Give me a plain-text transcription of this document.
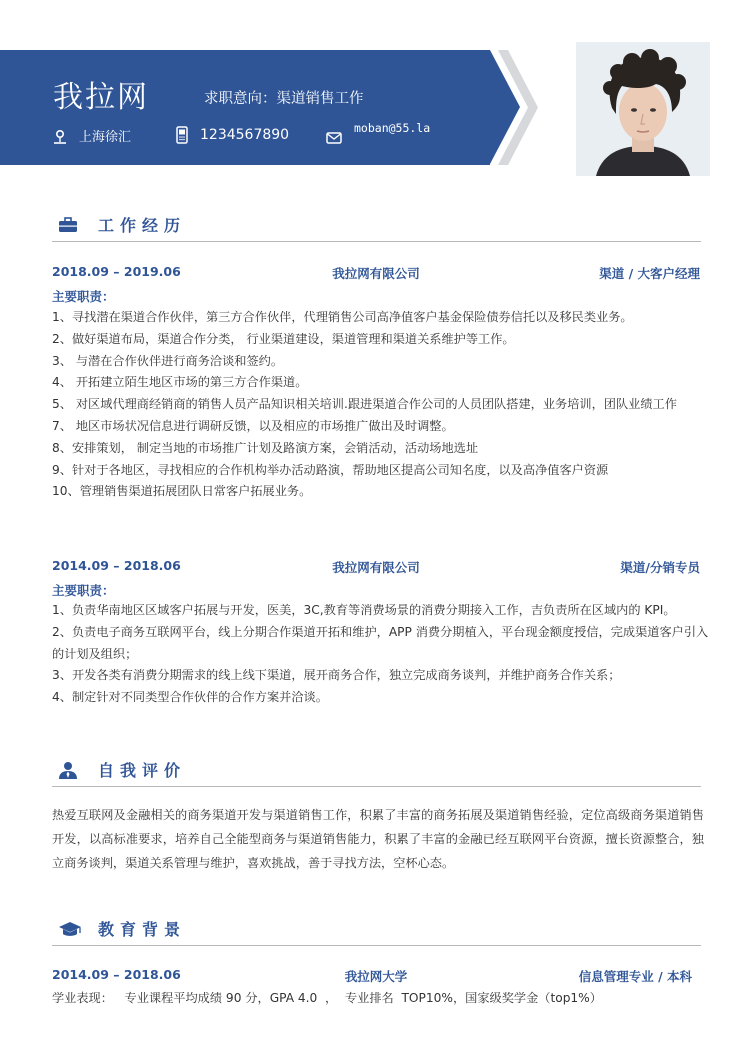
我拉网	求职意向：渠道销售工作
上海徐汇	1234567890	moban@55.la
工作经历
2018.09 – 2019.06	我拉网有限公司	渠道 / 大客户经理
主要职责：
1、寻找潜在渠道合作伙伴，第三方合作伙伴，代理销售公司高净值客户基金保险债券信托以及移民类业务。
2、做好渠道布局，渠道合作分类， 行业渠道建设，渠道管理和渠道关系维护等工作。
3、 与潜在合作伙伴进行商务洽谈和签约。
4、 开拓建立陌生地区市场的第三方合作渠道。
5、 对区域代理商经销商的销售人员产品知识相关培训.跟进渠道合作公司的人员团队搭建，业务培训，团队业绩工作
7、 地区市场状况信息进行调研反馈，以及相应的市场推广做出及时调整。
8、安排策划， 制定当地的市场推广计划及路演方案，会销活动，活动场地选址
9、针对于各地区，寻找相应的合作机构举办活动路演，帮助地区提高公司知名度，以及高净值客户资源
10、管理销售渠道拓展团队日常客户拓展业务。
2014.09 – 2018.06	我拉网有限公司	渠道/分销专员
主要职责：
1、负责华南地区区域客户拓展与开发，医美，3C,教育等消费场景的消费分期接入工作，吉负责所在区域内的 KPI。
2、负责电子商务互联网平台，线上分期合作渠道开拓和维护，APP 消费分期植入，平台现金额度授信，完成渠道客户引入的计划及组织；
3、开发各类有消费分期需求的线上线下渠道，展开商务合作，独立完成商务谈判，并维护商务合作关系；
4、制定针对不同类型合作伙伴的合作方案并洽谈。
自我评价

热爱互联网及金融相关的商务渠道开发与渠道销售工作，积累了丰富的商务拓展及渠道销售经验，定位高级商务渠道销售开发，以高标准要求，培养自己全能型商务与渠道销售能力，积累了丰富的金融已经互联网平台资源，擅长资源整合，独立商务谈判，渠道关系管理与维护，喜欢挑战，善于寻找方法，空杯心态。

教育背景
2014.09 – 2018.06	我拉网大学	信息管理专业 / 本科
学业表现：   专业课程平均成绩 90 分，GPA 4.0  ，  专业排名  TOP10%，国家级奖学金（top1%）
